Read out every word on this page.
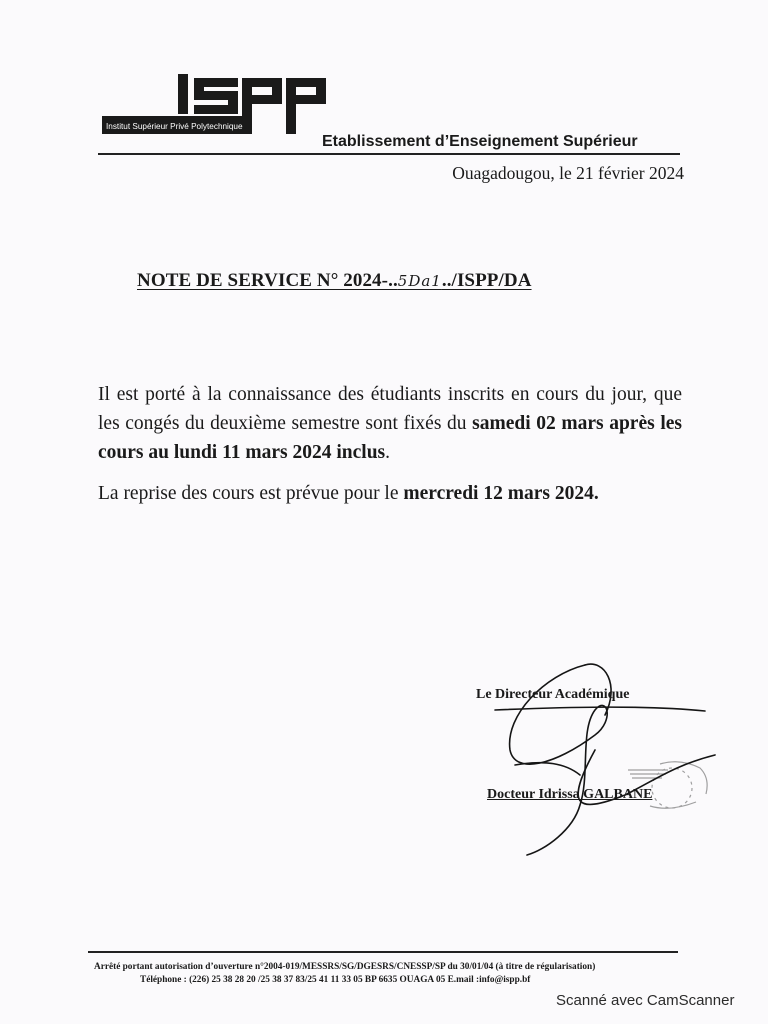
Institut Supérieur Privé Polytechnique
Etablissement d’Enseignement Supérieur
Ouagadougou, le 21 février 2024
NOTE DE SERVICE N° 2024-..5Da1../ISPP/DA

Il est porté à la connaissance des étudiants inscrits en cours du jour, que les congés du deuxième semestre sont fixés du samedi 02 mars après les cours au lundi 11 mars 2024 inclus.

La reprise des cours est prévue pour le mercredi 12 mars 2024.

Le Directeur Académique
Docteur Idrissa GALBANE
Arrêté portant autorisation d’ouverture n°2004-019/MESSRS/SG/DGESRS/CNESSP/SP du 30/01/04 (à titre de régularisation)
Téléphone : (226) 25 38 28 20 /25 38 37 83/25 41 11 33 05 BP 6635 OUAGA 05 E.mail :info@ispp.bf
Scanné avec CamScanner
